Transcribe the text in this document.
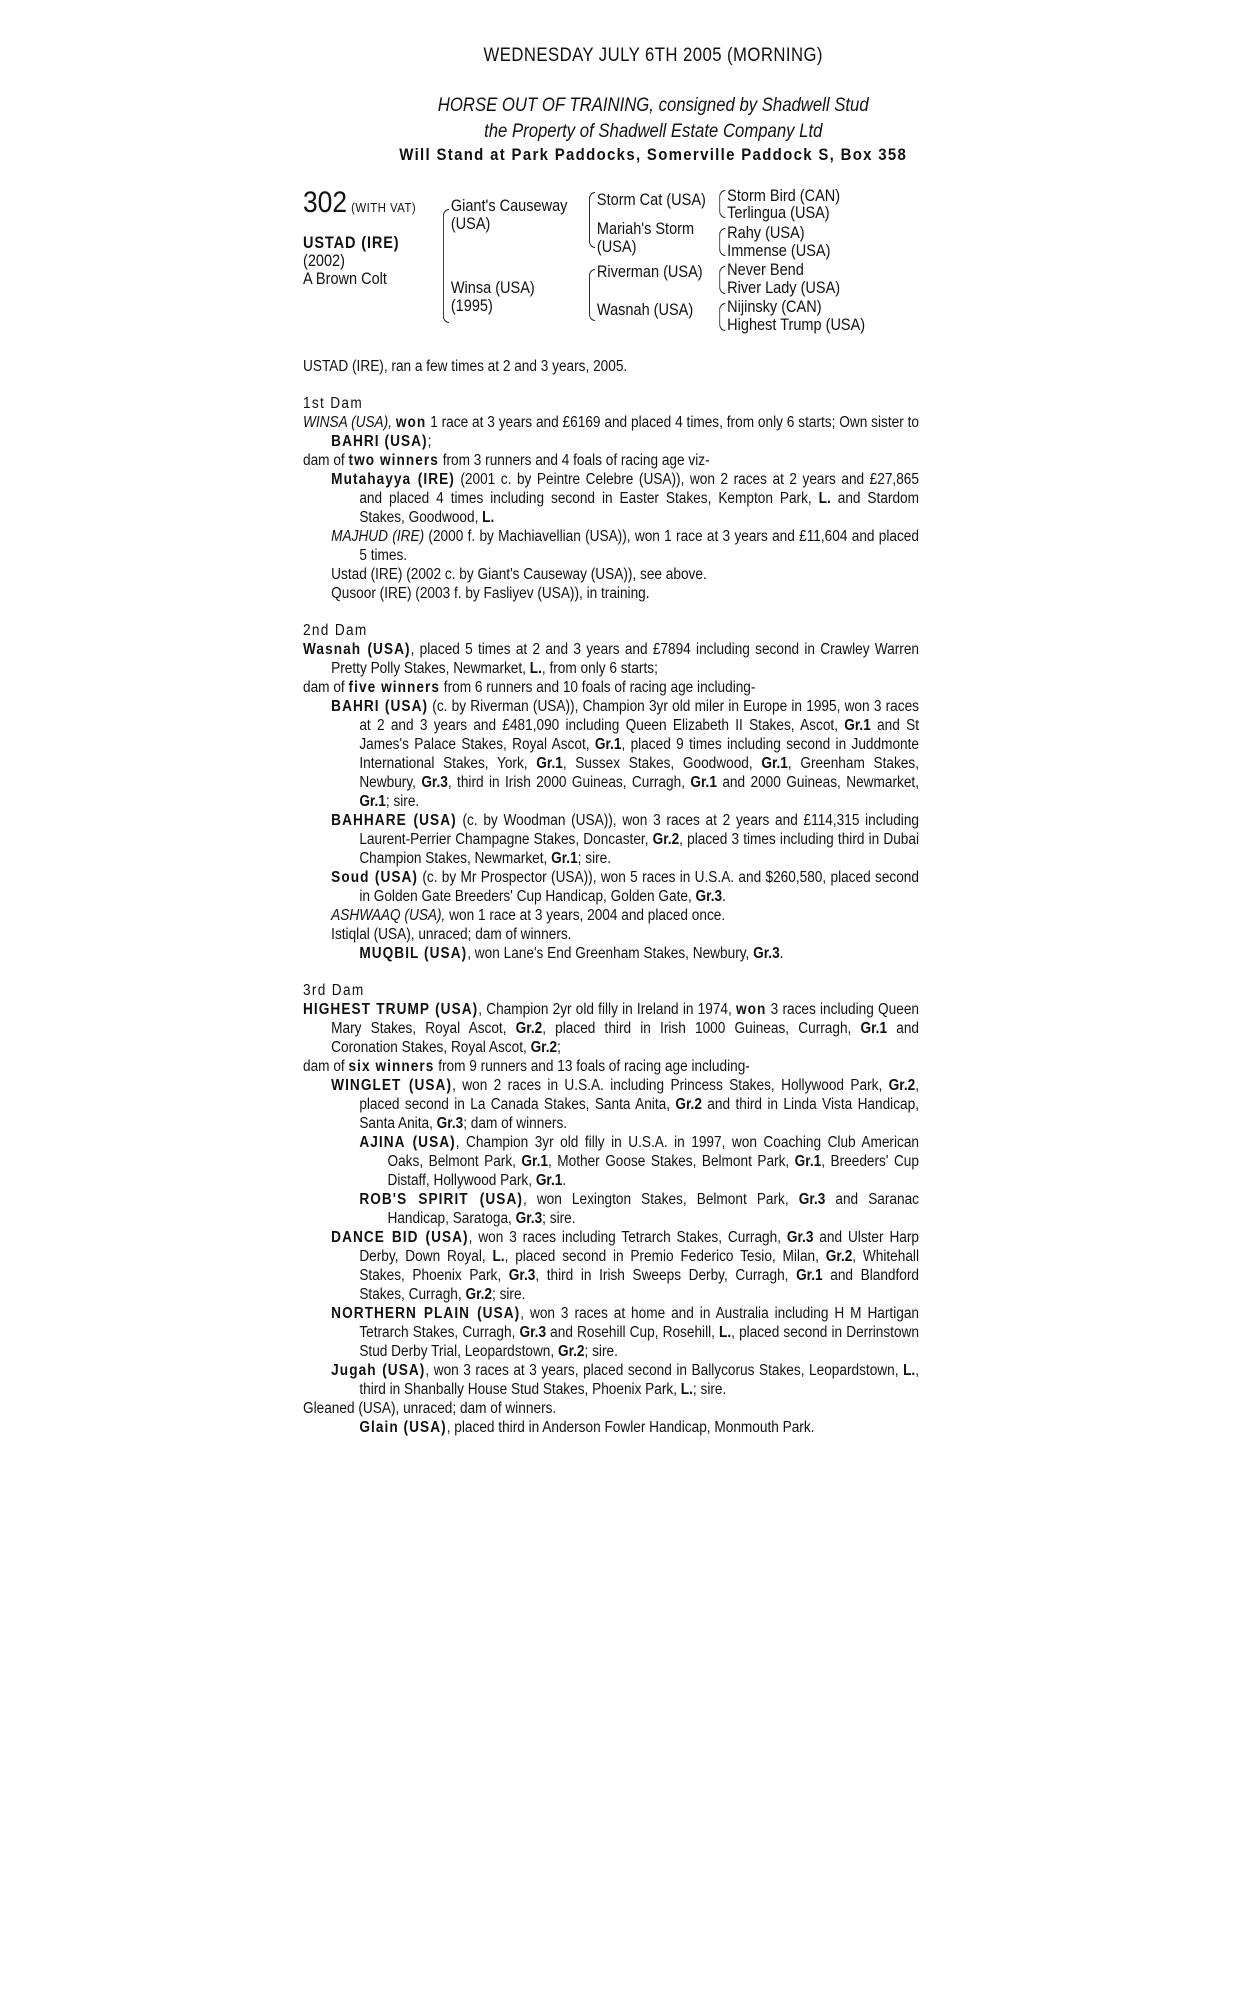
WEDNESDAY JULY 6TH 2005 (MORNING)
HORSE OUT OF TRAINING, consigned by Shadwell Stud
the Property of Shadwell Estate Company Ltd
Will Stand at Park Paddocks, Somerville Paddock S, Box 358
302 (WITH VAT)
USTAD (IRE)
(2002)
A Brown Colt
Giant's Causeway
(USA)
Winsa (USA)
(1995)
Storm Cat (USA)
Mariah's Storm
(USA)
Riverman (USA)
Wasnah (USA)
Storm Bird (CAN)
Terlingua (USA)
Rahy (USA)
Immense (USA)
Never Bend
River Lady (USA)
Nijinsky (CAN)
Highest Trump (USA)

USTAD (IRE), ran a few times at 2 and 3 years, 2005.

1st Dam

WINSA (USA), won 1 race at 3 years and £6169 and placed 4 times, from only 6 starts; Own sister to BAHRI (USA);

dam of two winners from 3 runners and 4 foals of racing age viz-

Mutahayya (IRE) (2001 c. by Peintre Celebre (USA)), won 2 races at 2 years and £27,865 and placed 4 times including second in Easter Stakes, Kempton Park, L. and Stardom Stakes, Goodwood, L.

MAJHUD (IRE) (2000 f. by Machiavellian (USA)), won 1 race at 3 years and £11,604 and placed 5 times.

Ustad (IRE) (2002 c. by Giant's Causeway (USA)), see above.

Qusoor (IRE) (2003 f. by Fasliyev (USA)), in training.

2nd Dam

Wasnah (USA), placed 5 times at 2 and 3 years and £7894 including second in Crawley Warren Pretty Polly Stakes, Newmarket, L., from only 6 starts;

dam of five winners from 6 runners and 10 foals of racing age including-

BAHRI (USA) (c. by Riverman (USA)), Champion 3yr old miler in Europe in 1995, won 3 races at 2 and 3 years and £481,090 including Queen Elizabeth II Stakes, Ascot, Gr.1 and St James's Palace Stakes, Royal Ascot, Gr.1, placed 9 times including second in Juddmonte International Stakes, York, Gr.1, Sussex Stakes, Goodwood, Gr.1, Greenham Stakes, Newbury, Gr.3, third in Irish 2000 Guineas, Curragh, Gr.1 and 2000 Guineas, Newmarket, Gr.1; sire.

BAHHARE (USA) (c. by Woodman (USA)), won 3 races at 2 years and £114,315 including Laurent-Perrier Champagne Stakes, Doncaster, Gr.2, placed 3 times including third in Dubai Champion Stakes, Newmarket, Gr.1; sire.

Soud (USA) (c. by Mr Prospector (USA)), won 5 races in U.S.A. and $260,580, placed second in Golden Gate Breeders' Cup Handicap, Golden Gate, Gr.3.

ASHWAAQ (USA), won 1 race at 3 years, 2004 and placed once.

Istiqlal (USA), unraced; dam of winners.

MUQBIL (USA), won Lane's End Greenham Stakes, Newbury, Gr.3.

3rd Dam

HIGHEST TRUMP (USA), Champion 2yr old filly in Ireland in 1974, won 3 races including Queen Mary Stakes, Royal Ascot, Gr.2, placed third in Irish 1000 Guineas, Curragh, Gr.1 and Coronation Stakes, Royal Ascot, Gr.2;

dam of six winners from 9 runners and 13 foals of racing age including-

WINGLET (USA), won 2 races in U.S.A. including Princess Stakes, Hollywood Park, Gr.2, placed second in La Canada Stakes, Santa Anita, Gr.2 and third in Linda Vista Handicap, Santa Anita, Gr.3; dam of winners.

AJINA (USA), Champion 3yr old filly in U.S.A. in 1997, won Coaching Club American Oaks, Belmont Park, Gr.1, Mother Goose Stakes, Belmont Park, Gr.1, Breeders' Cup Distaff, Hollywood Park, Gr.1.

ROB'S SPIRIT (USA), won Lexington Stakes, Belmont Park, Gr.3 and Saranac Handicap, Saratoga, Gr.3; sire.

DANCE BID (USA), won 3 races including Tetrarch Stakes, Curragh, Gr.3 and Ulster Harp Derby, Down Royal, L., placed second in Premio Federico Tesio, Milan, Gr.2, Whitehall Stakes, Phoenix Park, Gr.3, third in Irish Sweeps Derby, Curragh, Gr.1 and Blandford Stakes, Curragh, Gr.2; sire.

NORTHERN PLAIN (USA), won 3 races at home and in Australia including H M Hartigan Tetrarch Stakes, Curragh, Gr.3 and Rosehill Cup, Rosehill, L., placed second in Derrinstown Stud Derby Trial, Leopardstown, Gr.2; sire.

Jugah (USA), won 3 races at 3 years, placed second in Ballycorus Stakes, Leopardstown, L., third in Shanbally House Stud Stakes, Phoenix Park, L.; sire.

Gleaned (USA), unraced; dam of winners.

Glain (USA), placed third in Anderson Fowler Handicap, Monmouth Park.
